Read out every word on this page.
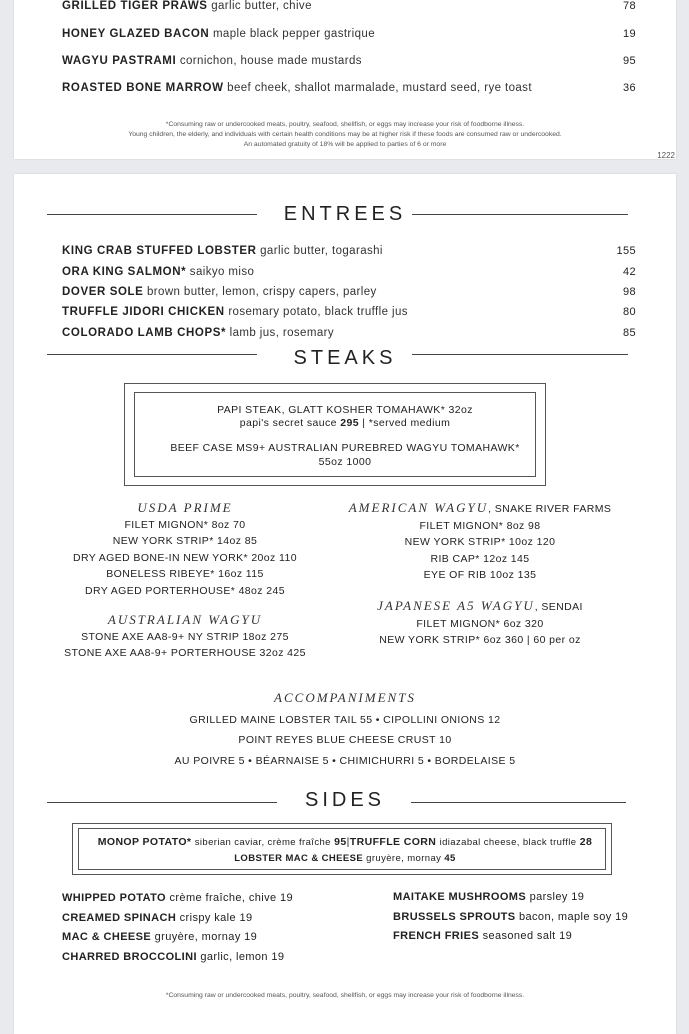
GRILLED TIGER PRAWS garlic butter, chive	78
HONEY GLAZED BACON maple black pepper gastrique	19
WAGYU PASTRAMI cornichon, house made mustards	95
ROASTED BONE MARROW beef cheek, shallot marmalade, mustard seed, rye toast	36
*Consuming raw or undercooked meats, poultry, seafood, shellfish, or eggs may increase your risk of foodborne illness.
Young children, the elderly, and individuals with certain health conditions may be at higher risk if these foods are consumed raw or undercooked.
An automated gratuity of 18% will be applied to parties of 6 or more
1222
ENTREES
KING CRAB STUFFED LOBSTER garlic butter, togarashi	155
ORA KING SALMON* saikyo miso	42
DOVER SOLE brown butter, lemon, crispy capers, parley	98
TRUFFLE JIDORI CHICKEN rosemary potato, black truffle jus	80
COLORADO LAMB CHOPS* lamb jus, rosemary	85
STEAKS
PAPI STEAK, GLATT KOSHER TOMAHAWK* 32oz
papi's secret sauce 295 | *served medium
BEEF CASE MS9+ AUSTRALIAN PUREBRED WAGYU TOMAHAWK*
55oz 1000
USDA PRIME
FILET MIGNON* 8oz 70
NEW YORK STRIP* 14oz 85
DRY AGED BONE-IN NEW YORK* 20oz 110
BONELESS RIBEYE* 16oz 115
DRY AGED PORTERHOUSE* 48oz 245
AUSTRALIAN WAGYU
STONE AXE AA8-9+ NY STRIP 18oz 275
STONE AXE AA8-9+ PORTERHOUSE 32oz 425
AMERICAN WAGYU, SNAKE RIVER FARMS
FILET MIGNON* 8oz 98
NEW YORK STRIP* 10oz 120
RIB CAP* 12oz 145
EYE OF RIB 10oz 135
JAPANESE A5 WAGYU, SENDAI
FILET MIGNON* 6oz 320
NEW YORK STRIP* 6oz 360 | 60 per oz
ACCOMPANIMENTS
GRILLED MAINE LOBSTER TAIL 55 • CIPOLLINI ONIONS 12
POINT REYES BLUE CHEESE CRUST 10
AU POIVRE 5 • BÉARNAISE 5 • CHIMICHURRI 5 • BORDELAISE 5
SIDES
MONOP POTATO* siberian caviar, crème fraîche 95|TRUFFLE CORN idiazabal cheese, black truffle 28
LOBSTER MAC & CHEESE gruyère, mornay 45
WHIPPED POTATO crème fraîche, chive 19
CREAMED SPINACH crispy kale 19
MAC & CHEESE gruyère, mornay 19
CHARRED BROCCOLINI garlic, lemon 19
MAITAKE MUSHROOMS parsley 19
BRUSSELS SPROUTS bacon, maple soy 19
FRENCH FRIES seasoned salt 19
*Consuming raw or undercooked meats, poultry, seafood, shellfish, or eggs may increase your risk of foodborne illness.
